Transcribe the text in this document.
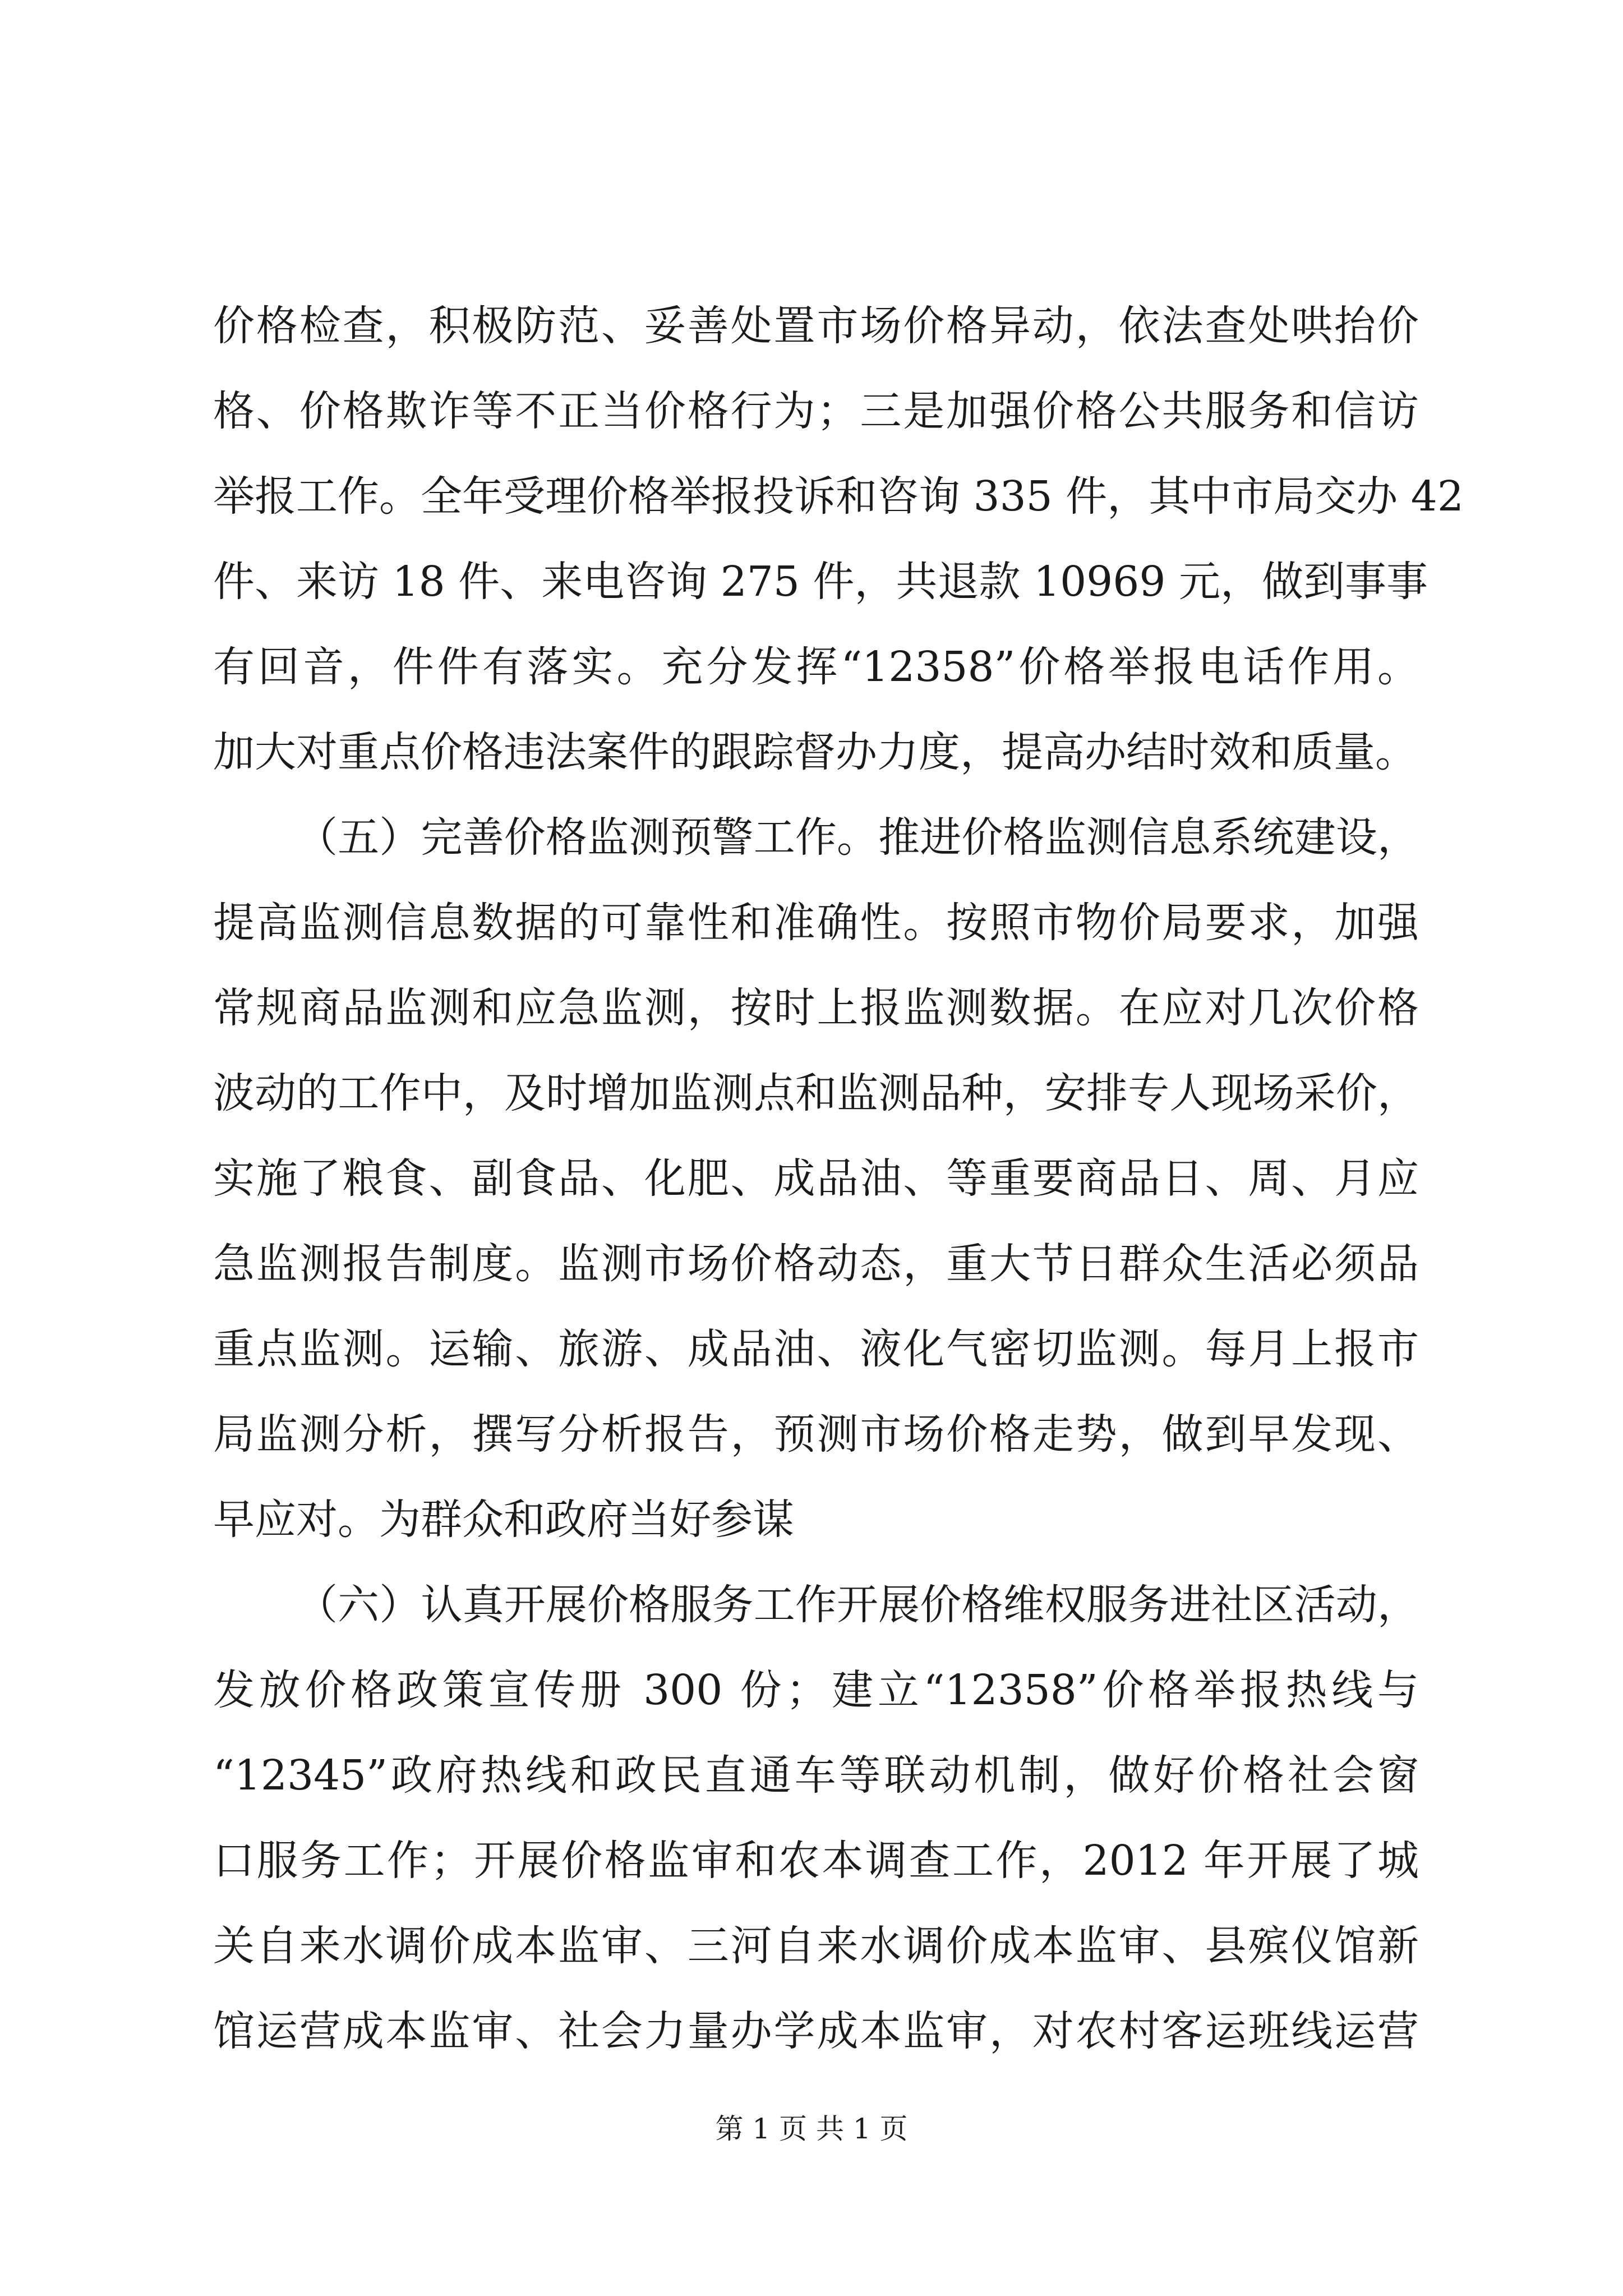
价格检查，积极防范、妥善处置市场价格异动，依法查处哄抬价
格、价格欺诈等不正当价格行为；三是加强价格公共服务和信访
举报工作。全年受理价格举报投诉和咨询 335 件，其中市局交办 42
件、来访 18 件、来电咨询 275 件，共退款 10969 元，做到事事
有回音，件件有落实。充分发挥“12358”价格举报电话作用。
加大对重点价格违法案件的跟踪督办力度，提高办结时效和质量。
（五）完善价格监测预警工作。推进价格监测信息系统建设，
提高监测信息数据的可靠性和准确性。按照市物价局要求，加强
常规商品监测和应急监测，按时上报监测数据。在应对几次价格
波动的工作中，及时增加监测点和监测品种，安排专人现场采价，
实施了粮食、副食品、化肥、成品油、等重要商品日、周、月应
急监测报告制度。监测市场价格动态，重大节日群众生活必须品
重点监测。运输、旅游、成品油、液化气密切监测。每月上报市
局监测分析，撰写分析报告，预测市场价格走势，做到早发现、
早应对。为群众和政府当好参谋
（六）认真开展价格服务工作开展价格维权服务进社区活动，
发放价格政策宣传册 300 份；建立“12358”价格举报热线与
“12345”政府热线和政民直通车等联动机制，做好价格社会窗
口服务工作；开展价格监审和农本调查工作，2012 年开展了城
关自来水调价成本监审、三河自来水调价成本监审、县殡仪馆新
馆运营成本监审、社会力量办学成本监审，对农村客运班线运营
第 1 页 共 1 页
